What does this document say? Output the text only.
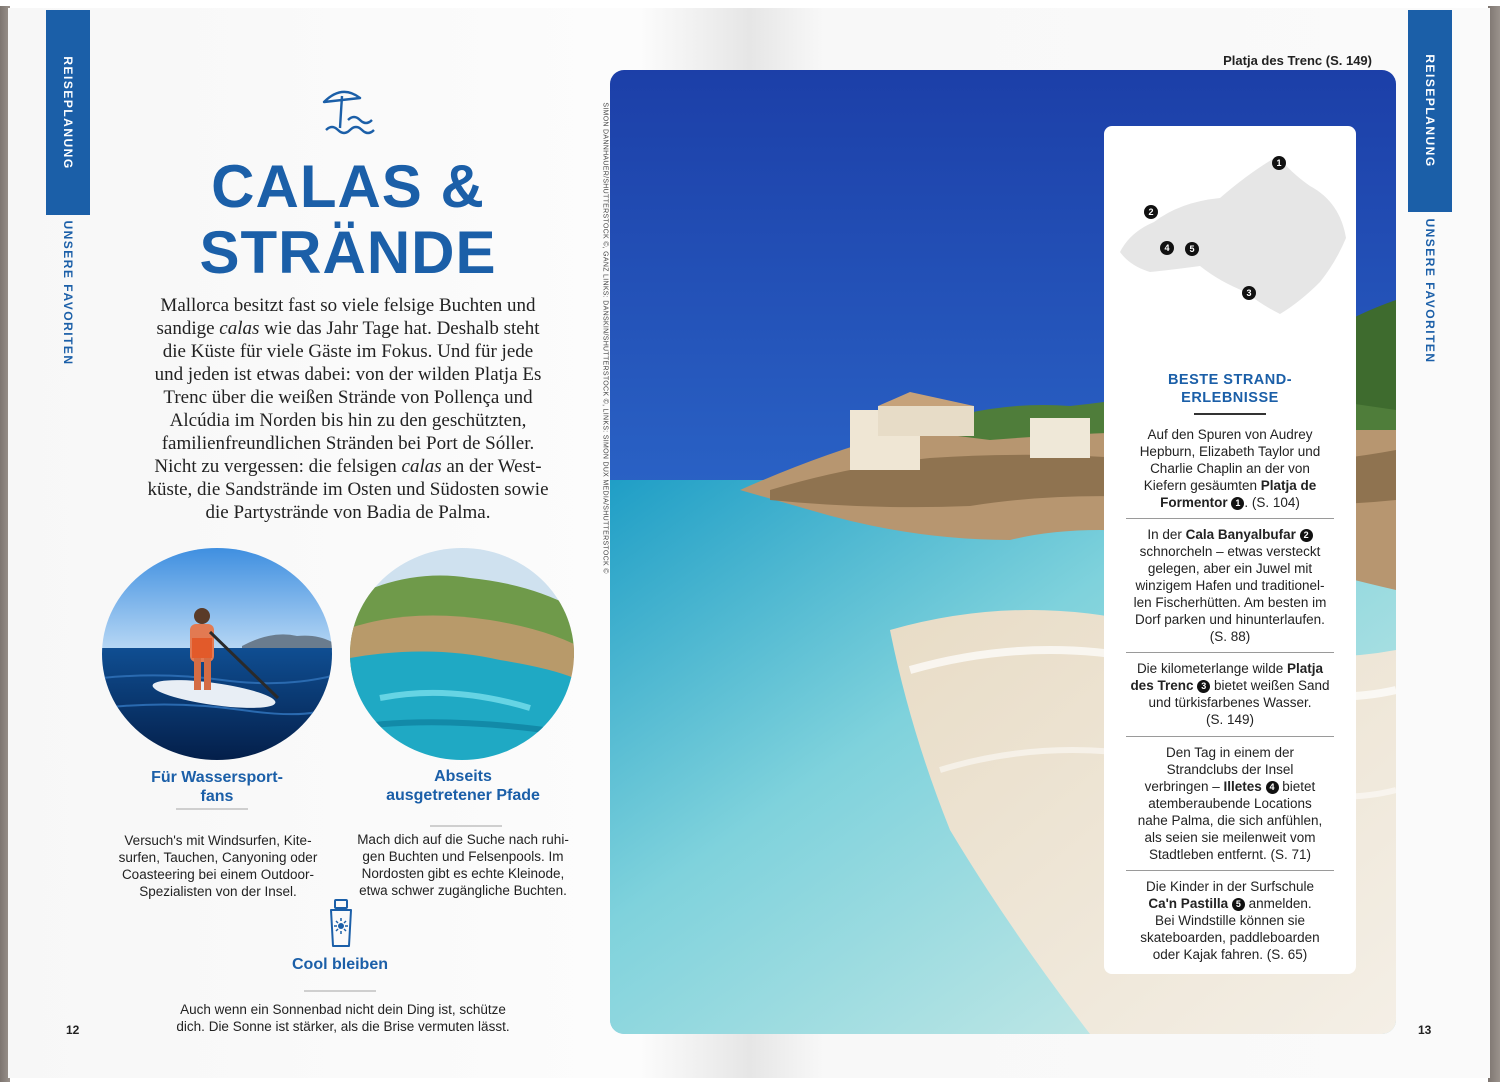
REISEPLANUNG
UNSERE FAVORITEN
CALAS &
STRÄNDE
Mallorca besitzt fast so viele felsige Buchten und
sandige calas wie das Jahr Tage hat. Deshalb steht
die Küste für viele Gäste im Fokus. Und für jede
und jeden ist etwas dabei: von der wilden Platja Es
Trenc über die weißen Strände von Pollença und
Alcúdia im Norden bis hin zu den geschützten,
familienfreundlichen Stränden bei Port de Sóller.
Nicht zu vergessen: die felsigen calas an der West-
küste, die Sandstrände im Osten und Südosten sowie
die Partystrände von Badia de Palma.
Für Wassersport-
fans
Versuch's mit Windsurfen, Kite-
surfen, Tauchen, Canyoning oder
Coasteering bei einem Outdoor-
Spezialisten von der Insel.
Abseits
ausgetretener Pfade
Mach dich auf die Suche nach ruhi-
gen Buchten und Felsenpools. Im
Nordosten gibt es echte Kleinode,
etwa schwer zugängliche Buchten.
Cool bleiben
Auch wenn ein Sonnenbad nicht dein Ding ist, schütze
dich. Die Sonne ist stärker, als die Brise vermuten lässt.
12
SIMON DANNHAUER/SHUTTERSTOCK ©, GANZ LINKS: DANSKIN/SHUTTERSTOCK ©, LINKS: SIMON DUX MEDIA/SHUTTERSTOCK ©
Platja des Trenc (S. 149)	REISEPLANUNG
UNSERE FAVORITEN
13
1
2
3
4	5
BESTE STRAND-
ERLEBNISSE
Auf den Spuren von Audrey
Hepburn, Elizabeth Taylor und
Charlie Chaplin an der von
Kiefern gesäumten Platja de
Formentor 1 . (S. 104)
In der Cala Banyalbufar 2
schnorcheln – etwas versteckt
gelegen, aber ein Juwel mit
winzigem Hafen und traditionel-
len Fischerhütten. Am besten im
Dorf parken und hinunterlaufen.
(S. 88)
Die kilometerlange wilde Platja
des Trenc 3 bietet weißen Sand
und türkisfarbenes Wasser.
(S. 149)
Den Tag in einem der
Strandclubs der Insel
verbringen – Illetes 4 bietet
atemberaubende Locations
nahe Palma, die sich anfühlen,
als seien sie meilenweit vom
Stadtleben entfernt. (S. 71)
Die Kinder in der Surfschule
Ca'n Pastilla 5 anmelden.
Bei Windstille können sie
skateboarden, paddleboarden
oder Kajak fahren. (S. 65)
